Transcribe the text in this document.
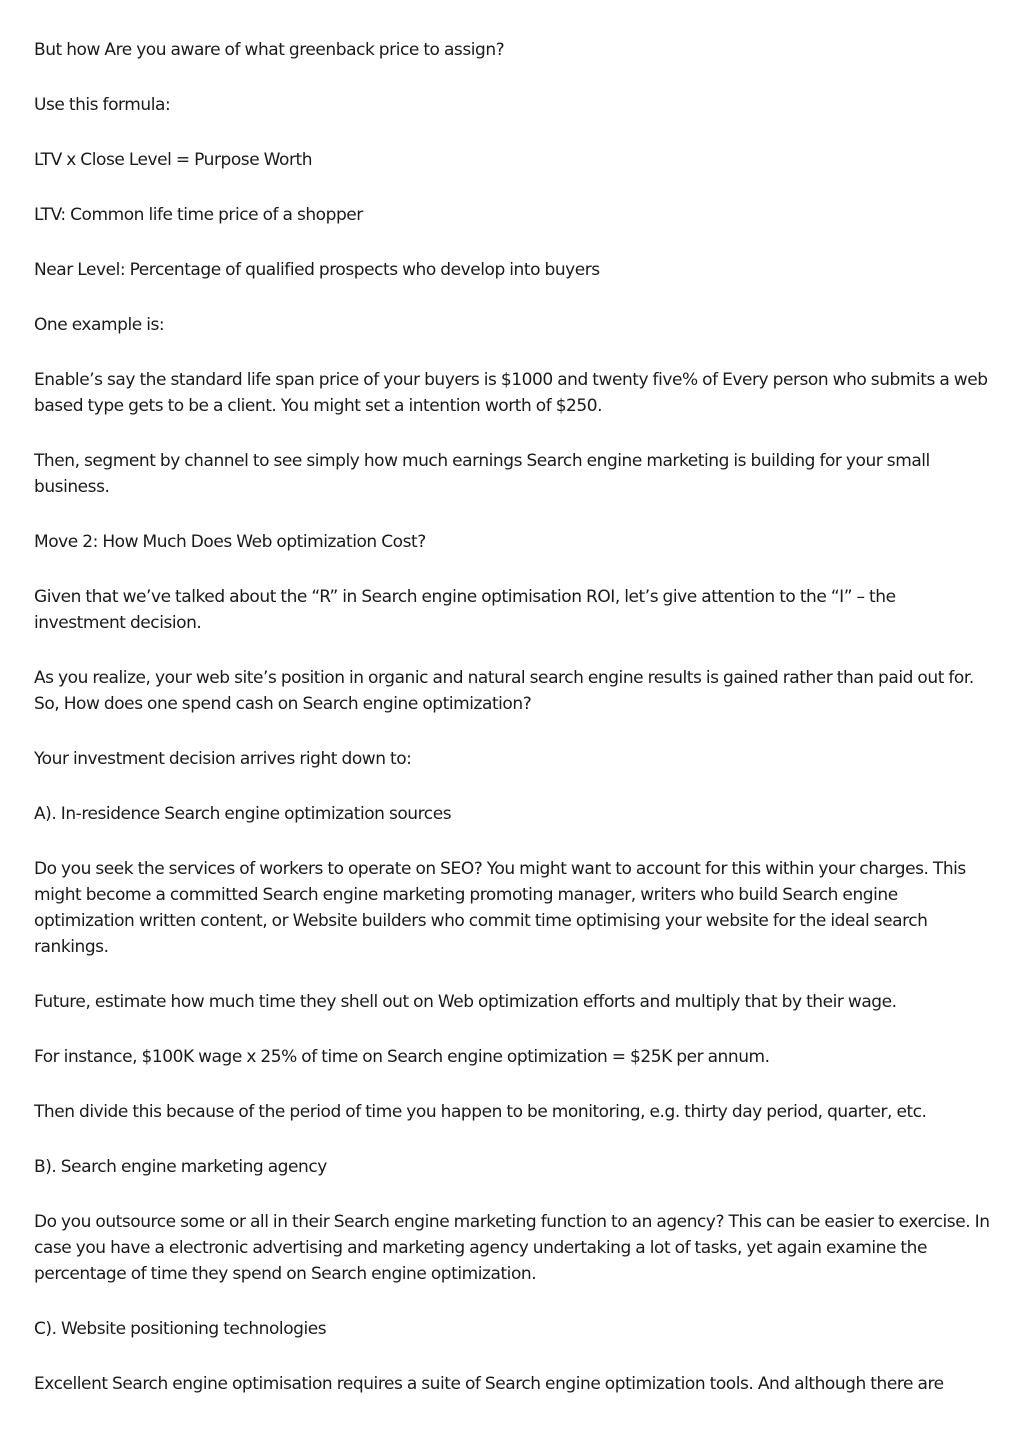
But how Are you aware of what greenback price to assign?

Use this formula:

LTV x Close Level = Purpose Worth

LTV: Common life time price of a shopper

Near Level: Percentage of qualified prospects who develop into buyers

One example is:

Enable’s say the standard life span price of your buyers is $1000 and twenty five% of Every person who submits a web based type gets to be a client. You might set a intention worth of $250.

Then, segment by channel to see simply how much earnings Search engine marketing is building for your small business.

Move 2: How Much Does Web optimization Cost?

Given that we’ve talked about the “R” in Search engine optimisation ROI, let’s give attention to the “I” – the investment decision.

As you realize, your web site’s position in organic and natural search engine results is gained rather than paid out for. So, How does one spend cash on Search engine optimization?

Your investment decision arrives right down to:

A). In-residence Search engine optimization sources

Do you seek the services of workers to operate on SEO? You might want to account for this within your charges. This might become a committed Search engine marketing promoting manager, writers who build Search engine optimization written content, or Website builders who commit time optimising your website for the ideal search rankings.

Future, estimate how much time they shell out on Web optimization efforts and multiply that by their wage.

For instance, $100K wage x 25% of time on Search engine optimization = $25K per annum.

Then divide this because of the period of time you happen to be monitoring, e.g. thirty day period, quarter, etc.

B). Search engine marketing agency

Do you outsource some or all in their Search engine marketing function to an agency? This can be easier to exercise. In case you have a electronic advertising and marketing agency undertaking a lot of tasks, yet again examine the percentage of time they spend on Search engine optimization.

C). Website positioning technologies

Excellent Search engine optimisation requires a suite of Search engine optimization tools. And although there are
